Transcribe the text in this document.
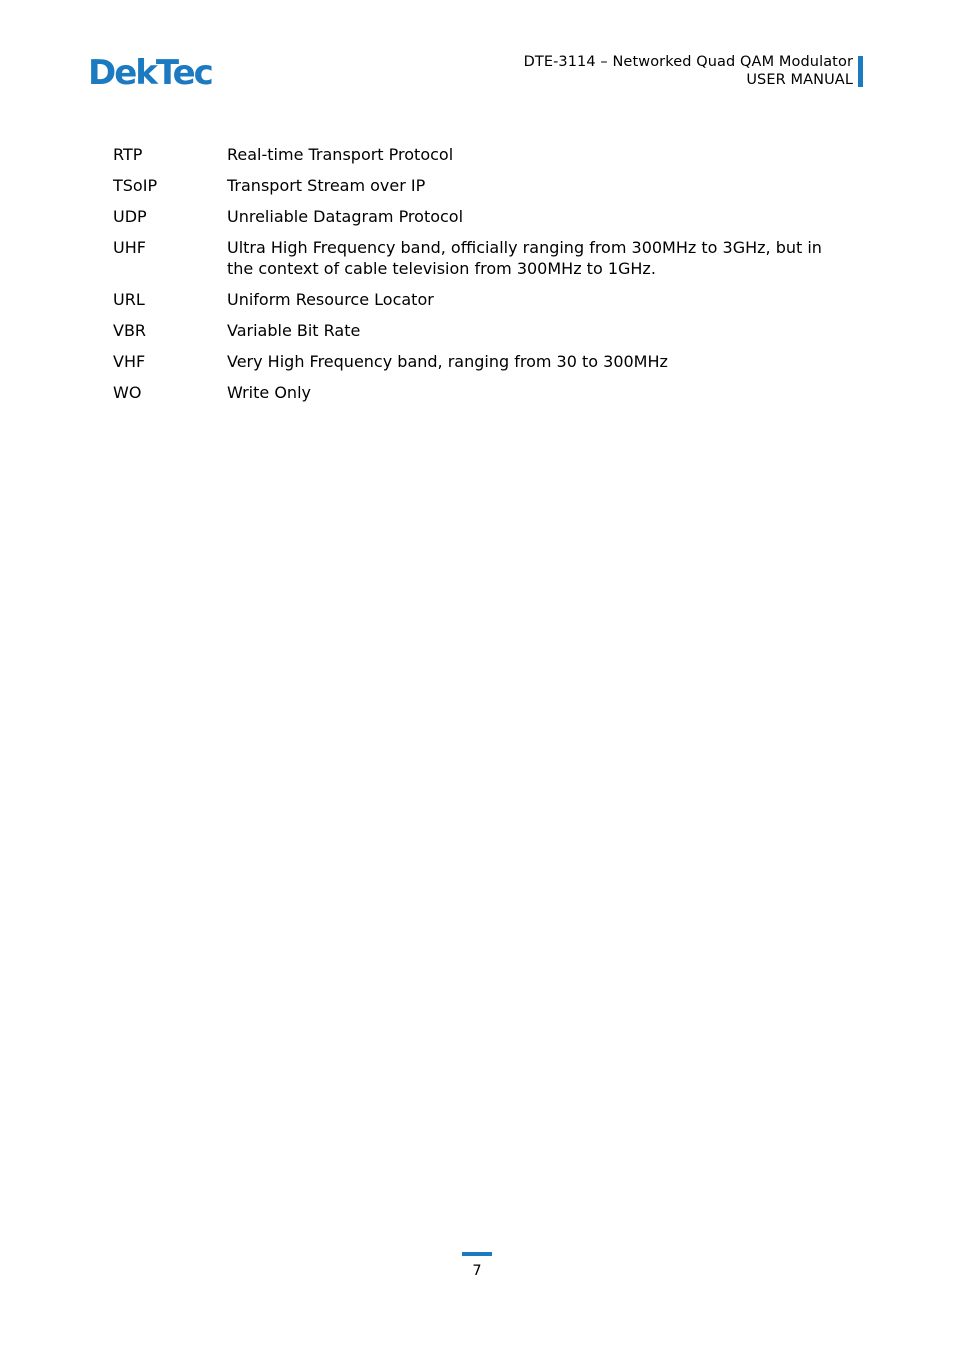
DekTec	DTE-3114 – Networked Quad QAM Modulator
USER MANUAL
RTP	Real-time Transport Protocol
TSoIP	Transport Stream over IP
UDP	Unreliable Datagram Protocol
UHF	Ultra High Frequency band, officially ranging from 300MHz to 3GHz, but in the context of cable television from 300MHz to 1GHz.
URL	Uniform Resource Locator
VBR	Variable Bit Rate
VHF	Very High Frequency band, ranging from 30 to 300MHz
WO	Write Only
7
